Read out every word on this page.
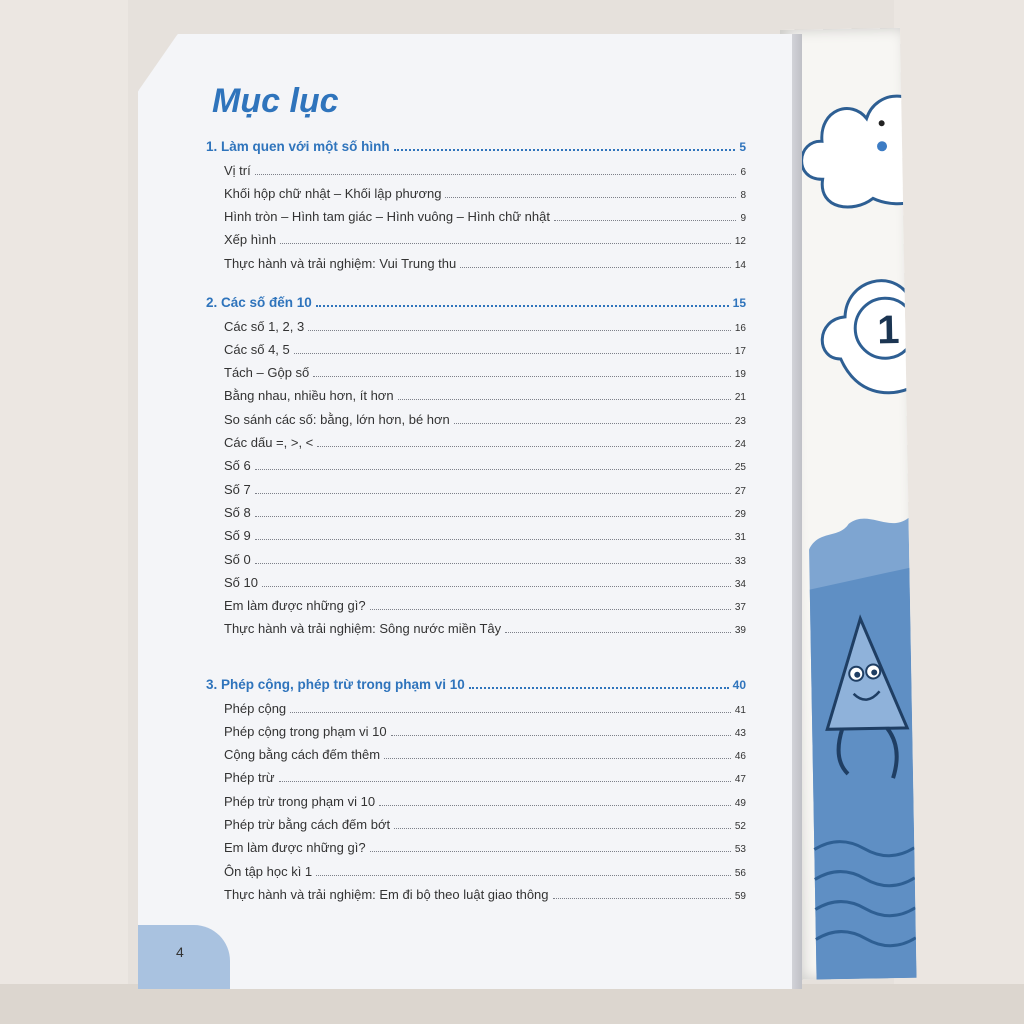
1
Mục lục
1. Làm quen với một số hình	5
Vị trí	6
Khối hộp chữ nhật – Khối lập phương	8
Hình tròn – Hình tam giác – Hình vuông – Hình chữ nhật	9
Xếp hình	12
Thực hành và trải nghiệm: Vui Trung thu	14
2. Các số đến 10	15
Các số 1, 2, 3	16
Các số 4, 5	17
Tách – Gộp số	19
Bằng nhau, nhiều hơn, ít hơn	21
So sánh các số: bằng, lớn hơn, bé hơn	23
Các dấu =, >, <	24
Số 6	25
Số 7	27
Số 8	29
Số 9	31
Số 0	33
Số 10	34
Em làm được những gì?	37
Thực hành và trải nghiệm: Sông nước miền Tây	39
3. Phép cộng, phép trừ trong phạm vi 10	40
Phép cộng	41
Phép cộng trong phạm vi 10	43
Cộng bằng cách đếm thêm	46
Phép trừ	47
Phép trừ trong phạm vi 10	49
Phép trừ bằng cách đếm bớt	52
Em làm được những gì?	53
Ôn tập học kì 1	56
Thực hành và trải nghiệm: Em đi bộ theo luật giao thông	59
4
